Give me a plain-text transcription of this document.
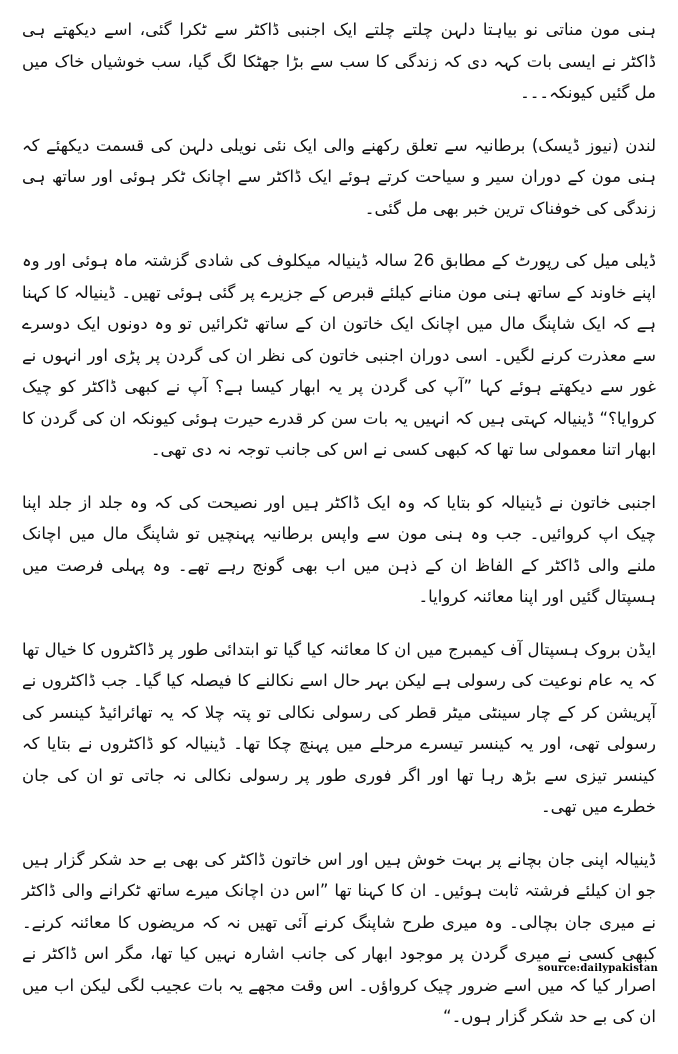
ہنی مون مناتی نو بیاہتا دلہن چلتے چلتے ایک اجنبی ڈاکٹر سے ٹکرا گئی، اسے دیکھتے ہی ڈاکٹر نے ایسی بات کہہ دی کہ زندگی کا سب سے بڑا جھٹکا لگ گیا، سب خوشیاں خاک میں مل گئیں کیونکہ۔۔۔

لندن (نیوز ڈیسک) برطانیہ سے تعلق رکھنے والی ایک نئی نویلی دلہن کی قسمت دیکھئے کہ ہنی مون کے دوران سیر و سیاحت کرتے ہوئے ایک ڈاکٹر سے اچانک ٹکر ہوئی اور ساتھ ہی زندگی کی خوفناک ترین خبر بھی مل گئی۔

ڈیلی میل کی رپورٹ کے مطابق 26 سالہ ڈینیالہ میکلوف کی شادی گزشتہ ماہ ہوئی اور وہ اپنے خاوند کے ساتھ ہنی مون منانے کیلئے قبرص کے جزیرے پر گئی ہوئی تھیں۔ ڈینیالہ کا کہنا ہے کہ ایک شاپنگ مال میں اچانک ایک خاتون ان کے ساتھ ٹکرائیں تو وہ دونوں ایک دوسرے سے معذرت کرنے لگیں۔ اسی دوران اجنبی خاتون کی نظر ان کی گردن پر پڑی اور انہوں نے غور سے دیکھتے ہوئے کہا ”آپ کی گردن پر یہ ابھار کیسا ہے؟ آپ نے کبھی ڈاکٹر کو چیک کروایا؟“ ڈینیالہ کہتی ہیں کہ انہیں یہ بات سن کر قدرے حیرت ہوئی کیونکہ ان کی گردن کا ابھار اتنا معمولی سا تھا کہ کبھی کسی نے اس کی جانب توجہ نہ دی تھی۔

اجنبی خاتون نے ڈینیالہ کو بتایا کہ وہ ایک ڈاکٹر ہیں اور نصیحت کی کہ وہ جلد از جلد اپنا چیک اپ کروائیں۔ جب وہ ہنی مون سے واپس برطانیہ پہنچیں تو شاپنگ مال میں اچانک ملنے والی ڈاکٹر کے الفاظ ان کے ذہن میں اب بھی گونج رہے تھے۔ وہ پہلی فرصت میں ہسپتال گئیں اور اپنا معائنہ کروایا۔

ایڈن بروک ہسپتال آف کیمبرج میں ان کا معائنہ کیا گیا تو ابتدائی طور پر ڈاکٹروں کا خیال تھا کہ یہ عام نوعیت کی رسولی ہے لیکن بہر حال اسے نکالنے کا فیصلہ کیا گیا۔ جب ڈاکٹروں نے آپریشن کر کے چار سینٹی میٹر قطر کی رسولی نکالی تو پتہ چلا کہ یہ تھائرائیڈ کینسر کی رسولی تھی، اور یہ کینسر تیسرے مرحلے میں پہنچ چکا تھا۔ ڈینیالہ کو ڈاکٹروں نے بتایا کہ کینسر تیزی سے بڑھ رہا تھا اور اگر فوری طور پر رسولی نکالی نہ جاتی تو ان کی جان خطرے میں تھی۔

ڈینیالہ اپنی جان بچانے پر بہت خوش ہیں اور اس خاتون ڈاکٹر کی بھی بے حد شکر گزار ہیں جو ان کیلئے فرشتہ ثابت ہوئیں۔ ان کا کہنا تھا ”اس دن اچانک میرے ساتھ ٹکرانے والی ڈاکٹر نے میری جان بچالی۔ وہ میری طرح شاپنگ کرنے آئی تھیں نہ کہ مریضوں کا معائنہ کرنے۔ کبھی کسی نے میری گردن پر موجود ابھار کی جانب اشارہ نہیں کیا تھا، مگر اس ڈاکٹر نے اصرار کیا کہ میں اسے ضرور چیک کرواؤں۔ اس وقت مجھے یہ بات عجیب لگی لیکن اب میں ان کی بے حد شکر گزار ہوں۔“

source:dailypakistan
